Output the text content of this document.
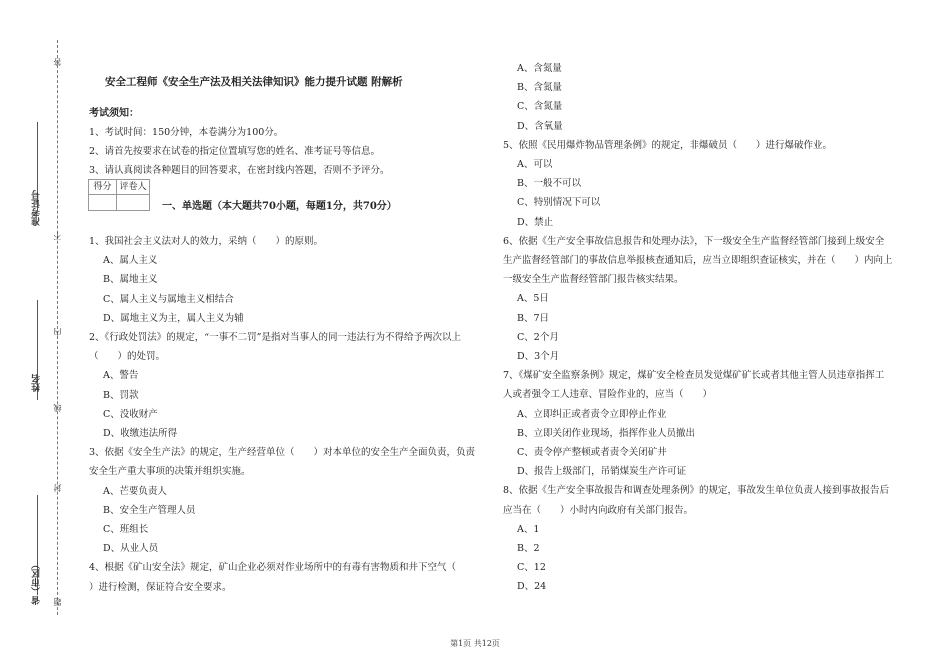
答
准考证号
不
内
姓名
线
封
省（市区） 题
安全工程师《安全生产法及相关法律知识》能力提升试题 附解析
考试须知：
1、考试时间：150分钟，本卷满分为100分。
2、请首先按要求在试卷的指定位置填写您的姓名、准考证号等信息。
3、请认真阅读各种题目的回答要求，在密封线内答题，否则不予评分。
得分 评卷人
一、单选题（本大题共70小题，每题1分，共70分）
1、我国社会主义法对人的效力，采纳（　　）的原则。
A、属人主义
B、属地主义
C、属人主义与属地主义相结合
D、属地主义为主，属人主义为辅
2、《行政处罚法》的规定，“一事不二罚”是指对当事人的同一违法行为不得给予两次以上
（　　）的处罚。
A、警告
B、罚款
C、没收财产
D、收缴违法所得
3、依据《安全生产法》的规定，生产经营单位（　　）对本单位的安全生产全面负责，负责
安全生产重大事项的决策并组织实施。
A、芒要负责人
B、安全生产管理人员
C、班组长
D、从业人员
4、根据《矿山安全法》规定，矿山企业必须对作业场所中的有毒有害物质和井下空气（
）进行检测，保证符合安全要求。
A、含氮量
B、含氮量
C、含氮量
D、含氧量
5、依照《民用爆炸物品管理条例》的规定，非爆破员（　　）进行爆破作业。
A、可以
B、一般不可以
C、特别情况下可以
D、禁止
6、依据《生产安全事故信息报告和处理办法》，下一级安全生产监督经管部门接到上级安全
生产监督经管部门的事故信息举报核查通知后，应当立即组织查证核实，并在（　　）内向上
一级安全生产监督经管部门报告核实结果。
A、5日
B、7日
C、2个月
D、3个月
7、《煤矿安全监察条例》规定，煤矿安全检查员发觉煤矿矿长或者其他主管人员违章指挥工
人或者强令工人违章、冒险作业的，应当（　　）
A、立即纠正或者责令立即停止作业
B、立即关闭作业现场，指挥作业人员撤出
C、责令停产整顿或者责令关闭矿井
D、报告上级部门，吊销煤炭生产许可证
8、依据《生产安全事故报告和调查处理条例》的规定，事故发生单位负责人接到事故报告后
应当在（　　）小时内向政府有关部门报告。
A、1
B、2
C、12
D、24
第1页 共12页
